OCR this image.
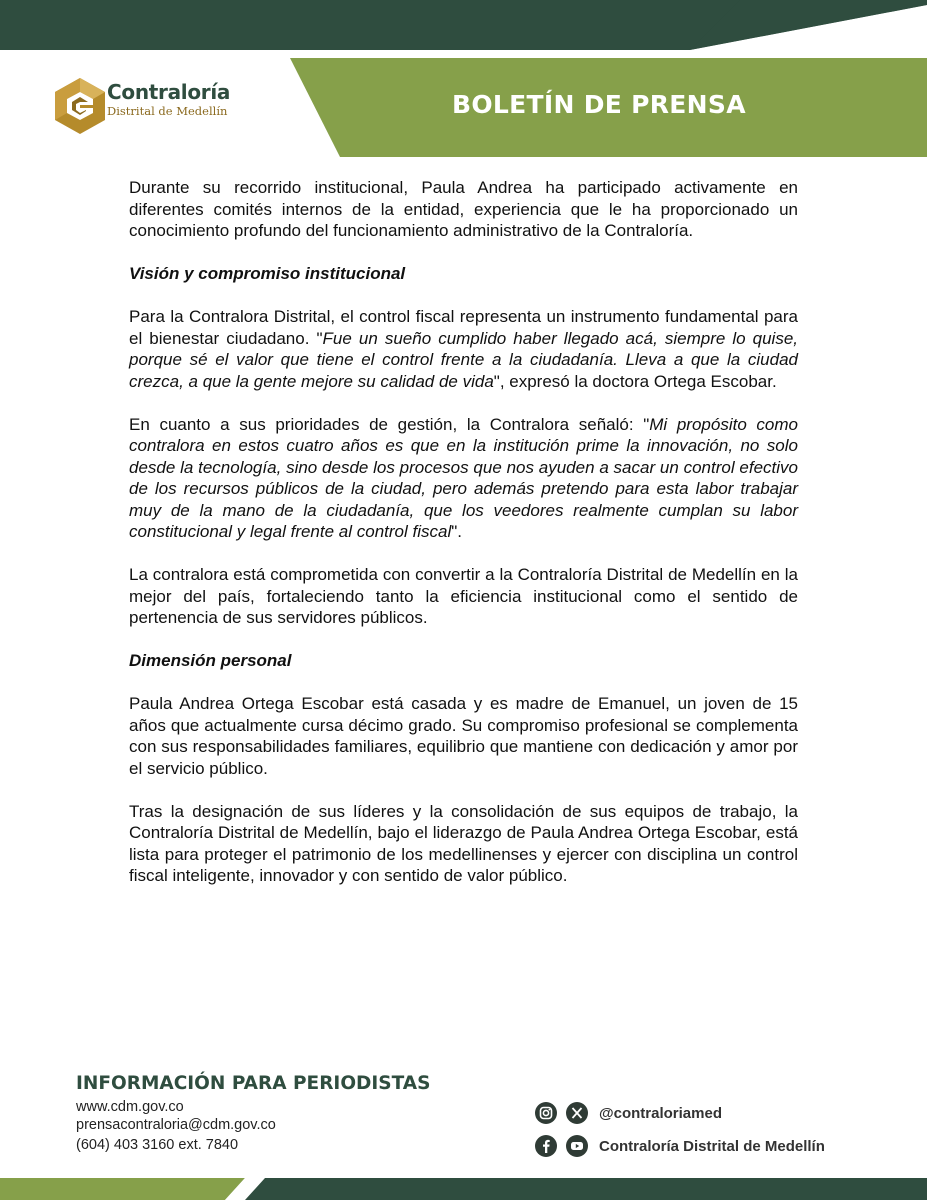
Contraloría
Distrital de Medellín	BOLETÍN DE PRENSA

Durante su recorrido institucional, Paula Andrea ha participado activamente en diferentes comités internos de la entidad, experiencia que le ha proporcionado un conocimiento profundo del funcionamiento administrativo de la Contraloría.

Visión y compromiso institucional

Para la Contralora Distrital, el control fiscal representa un instrumento fundamental para el bienestar ciudadano. "Fue un sueño cumplido haber llegado acá, siempre lo quise, porque sé el valor que tiene el control frente a la ciudadanía. Lleva a que la ciudad crezca, a que la gente mejore su calidad de vida", expresó la doctora Ortega Escobar.

En cuanto a sus prioridades de gestión, la Contralora señaló: "Mi propósito como contralora en estos cuatro años es que en la institución prime la innovación, no solo desde la tecnología, sino desde los procesos que nos ayuden a sacar un control efectivo de los recursos públicos de la ciudad, pero además pretendo para esta labor trabajar muy de la mano de la ciudadanía, que los veedores realmente cumplan su labor constitucional y legal frente al control fiscal".

La contralora está comprometida con convertir a la Contraloría Distrital de Medellín en la mejor del país, fortaleciendo tanto la eficiencia institucional como el sentido de pertenencia de sus servidores públicos.

Dimensión personal

Paula Andrea Ortega Escobar está casada y es madre de Emanuel, un joven de 15 años que actualmente cursa décimo grado. Su compromiso profesional se complementa con sus responsabilidades familiares, equilibrio que mantiene con dedicación y amor por el servicio público.

Tras la designación de sus líderes y la consolidación de sus equipos de trabajo, la Contraloría Distrital de Medellín, bajo el liderazgo de Paula Andrea Ortega Escobar, está lista para proteger el patrimonio de los medellinenses y ejercer con disciplina un control fiscal inteligente, innovador y con sentido de valor público.

INFORMACIÓN PARA PERIODISTAS
www.cdm.gov.co
prensacontraloria@cdm.gov.co
(604) 403 3160 ext. 7840
@contraloriamed
Contraloría Distrital de Medellín
